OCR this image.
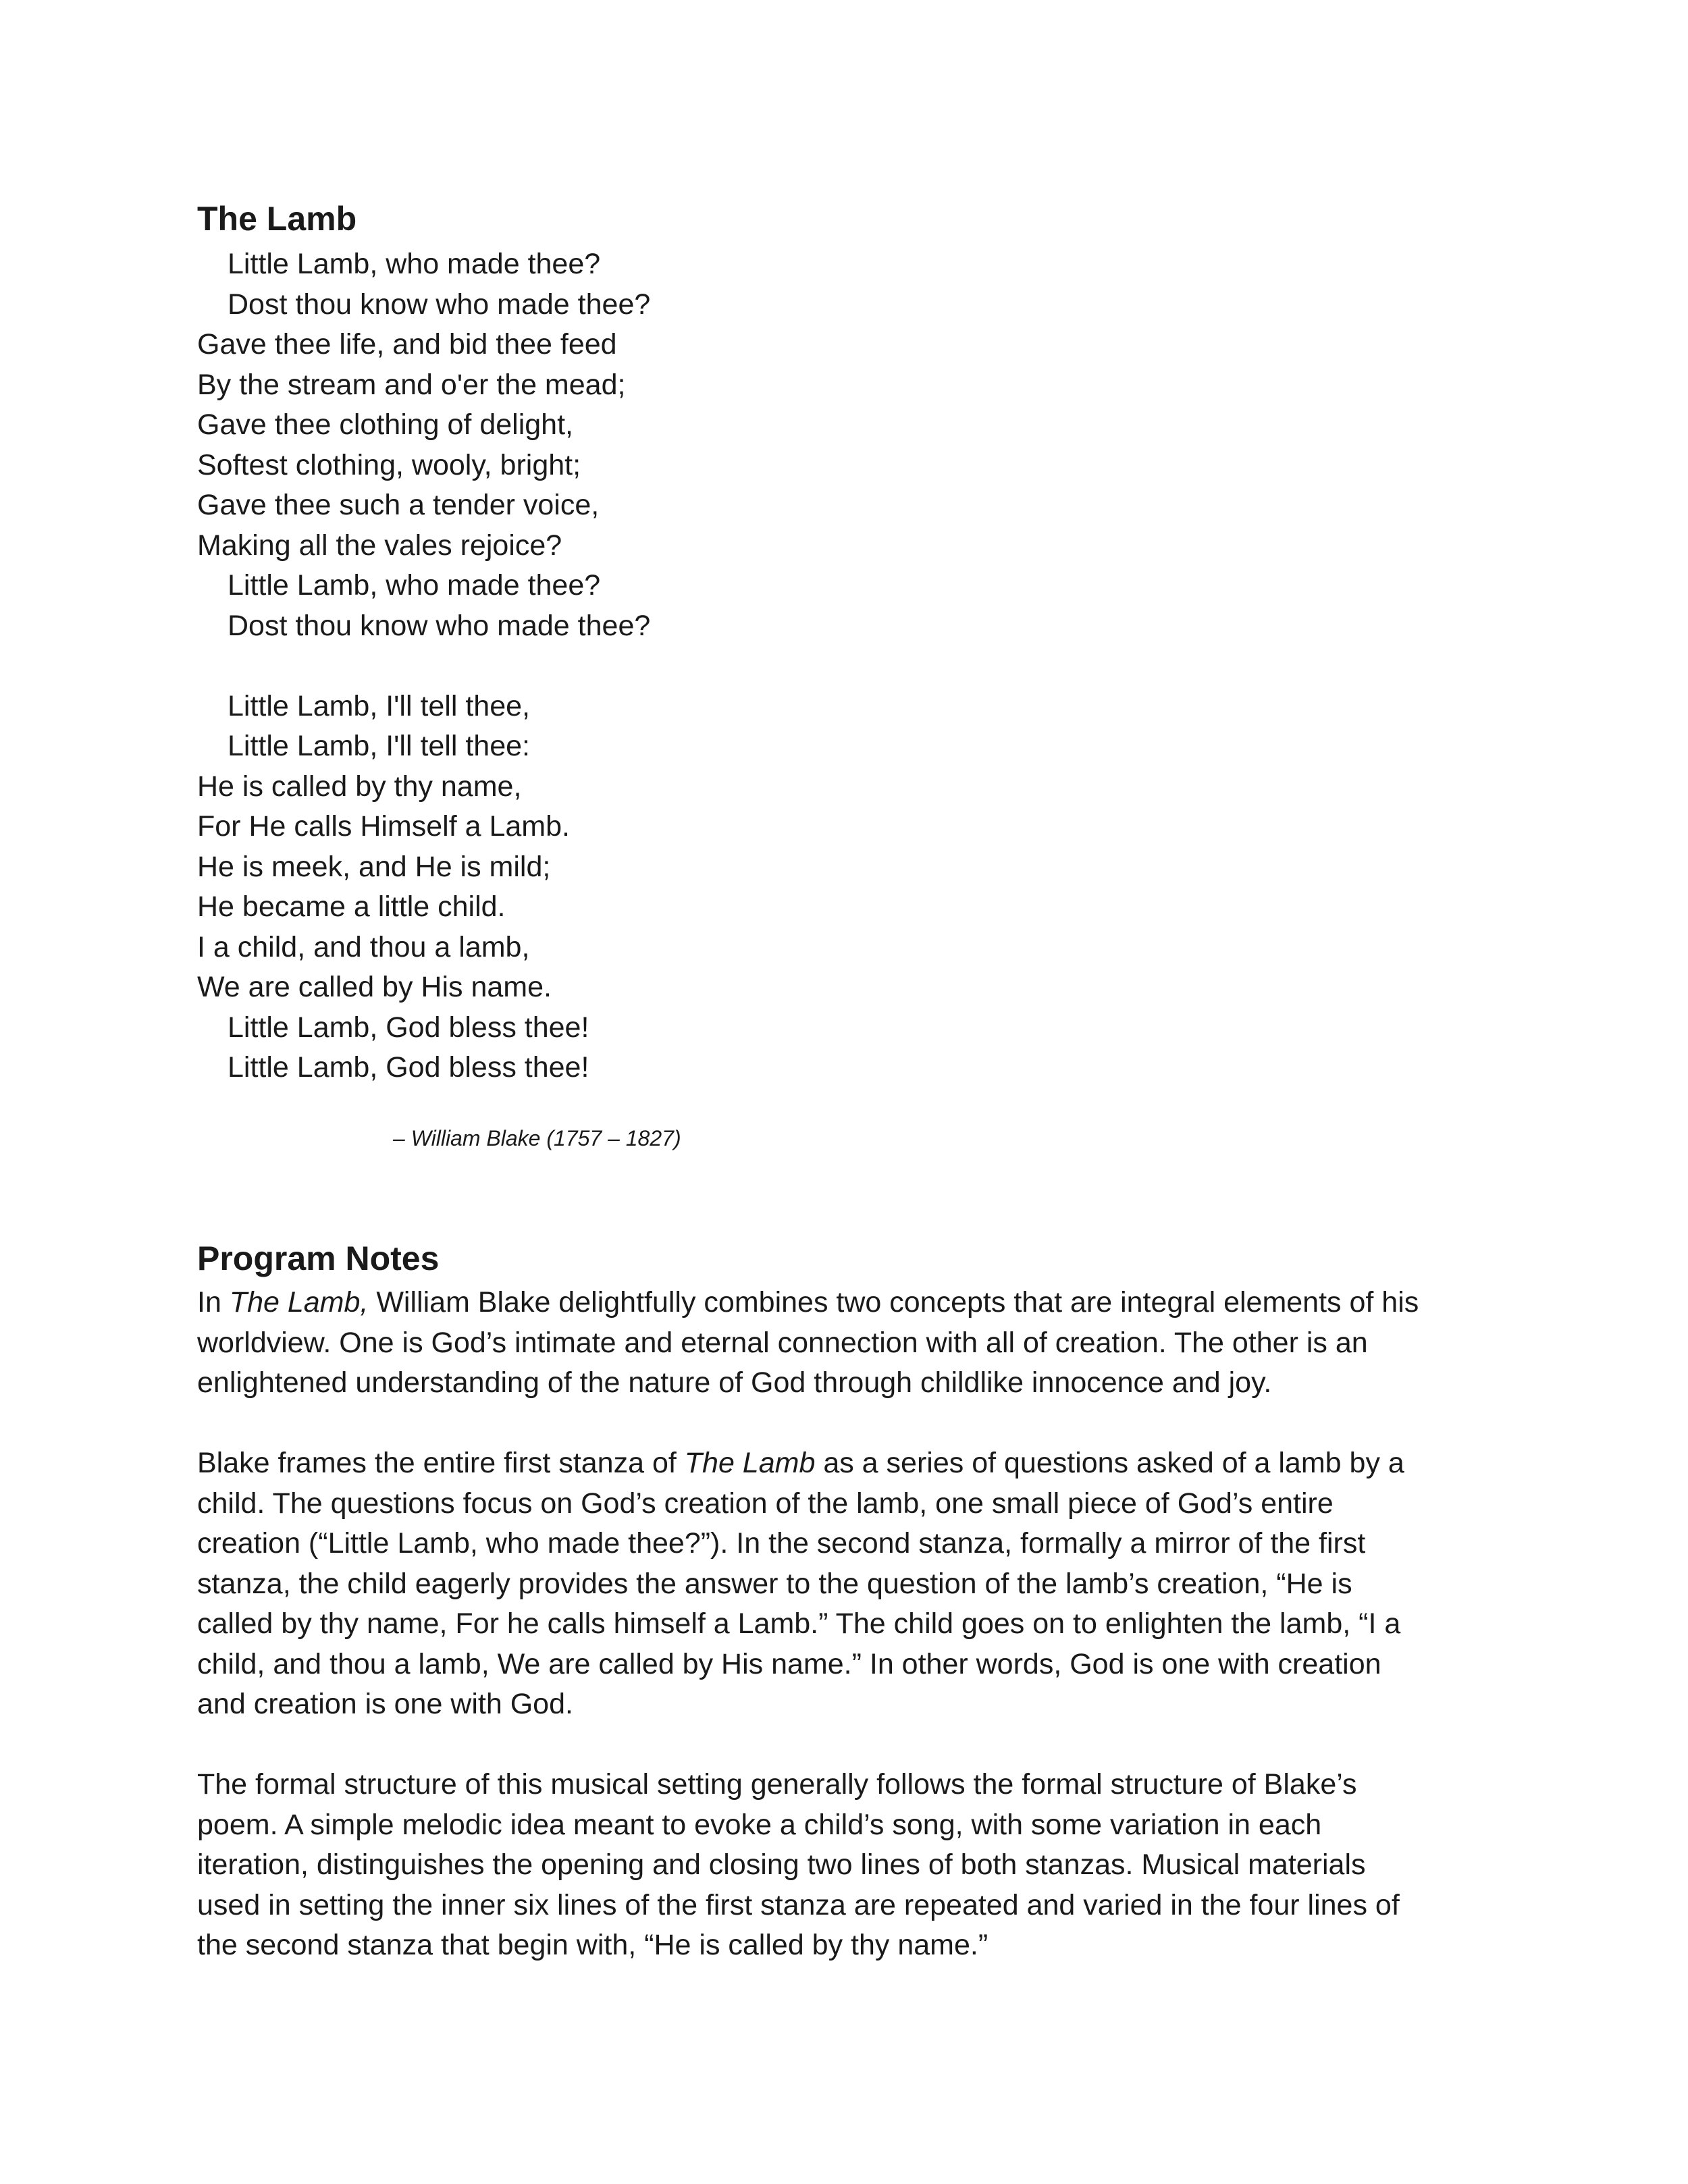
The Lamb
Little Lamb, who made thee?
Dost thou know who made thee?
Gave thee life, and bid thee feed
By the stream and o'er the mead;
Gave thee clothing of delight,
Softest clothing, wooly, bright;
Gave thee such a tender voice,
Making all the vales rejoice?
Little Lamb, who made thee?
Dost thou know who made thee?
Little Lamb, I'll tell thee,
Little Lamb, I'll tell thee:
He is called by thy name,
For He calls Himself a Lamb.
He is meek, and He is mild;
He became a little child.
I a child, and thou a lamb,
We are called by His name.
Little Lamb, God bless thee!
Little Lamb, God bless thee!
– William Blake (1757 – 1827)
Program Notes

In The Lamb, William Blake delightfully combines two concepts that are integral elements of his
worldview. One is God’s intimate and eternal connection with all of creation. The other is an
enlightened understanding of the nature of God through childlike innocence and joy.

Blake frames the entire first stanza of The Lamb as a series of questions asked of a lamb by a
child. The questions focus on God’s creation of the lamb, one small piece of God’s entire
creation (“Little Lamb, who made thee?”). In the second stanza, formally a mirror of the first
stanza, the child eagerly provides the answer to the question of the lamb’s creation, “He is
called by thy name, For he calls himself a Lamb.” The child goes on to enlighten the lamb, “I a
child, and thou a lamb, We are called by His name.” In other words, God is one with creation
and creation is one with God.

The formal structure of this musical setting generally follows the formal structure of Blake’s
poem. A simple melodic idea meant to evoke a child’s song, with some variation in each
iteration, distinguishes the opening and closing two lines of both stanzas. Musical materials
used in setting the inner six lines of the first stanza are repeated and varied in the four lines of
the second stanza that begin with, “He is called by thy name.”
